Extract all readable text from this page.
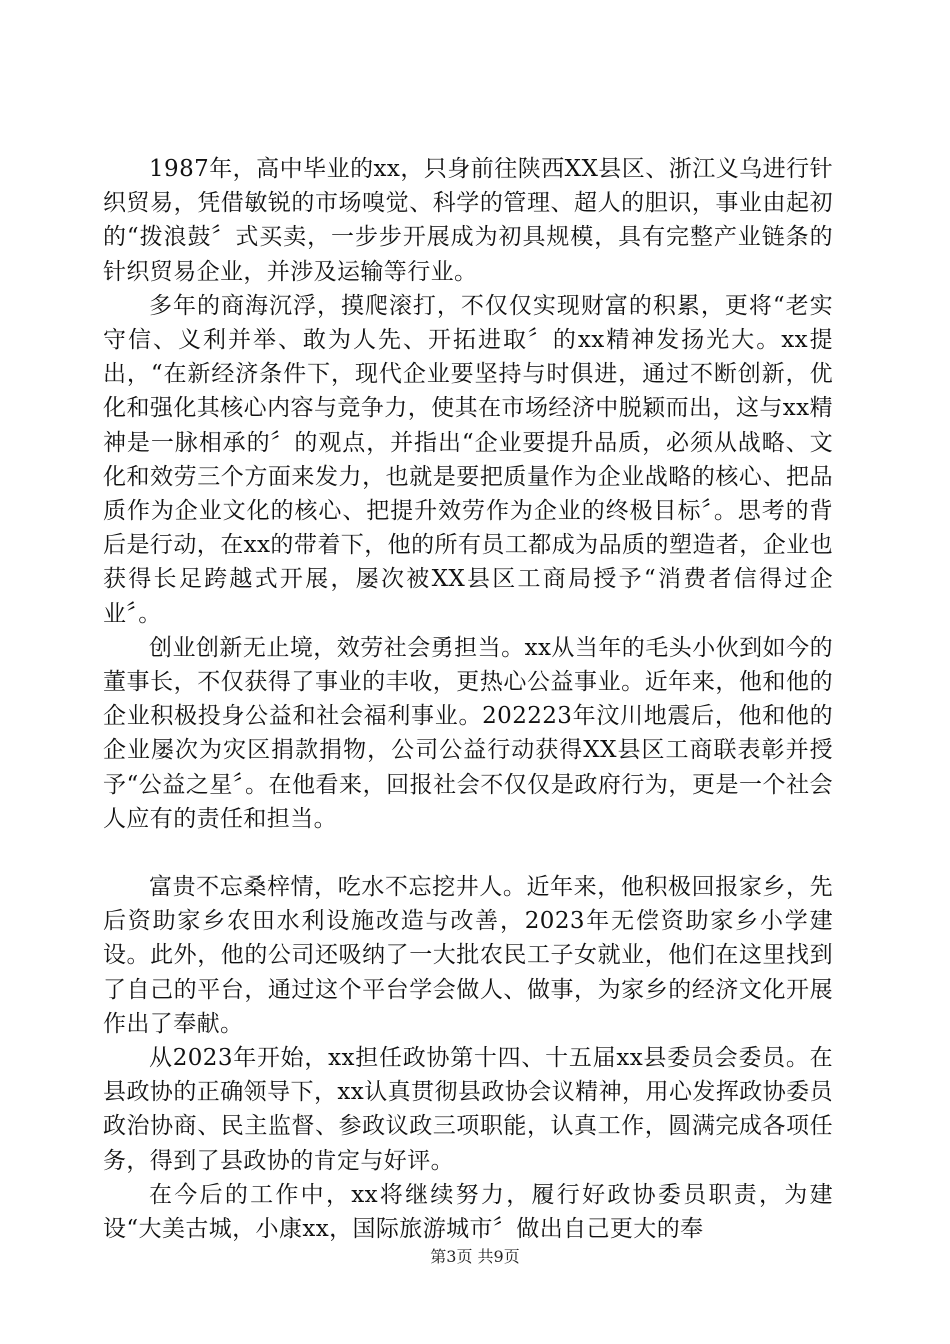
1987年，高中毕业的xx，只身前往陕西XX县区、浙江义乌进行针织贸易，凭借敏锐的市场嗅觉、科学的管理、超人的胆识，事业由起初的“拨浪鼓〞式买卖，一步步开展成为初具规模，具有完整产业链条的针织贸易企业，并涉及运输等行业。

多年的商海沉浮，摸爬滚打，不仅仅实现财富的积累，更将“老实守信、义利并举、敢为人先、开拓进取〞的xx精神发扬光大。xx提出，“在新经济条件下，现代企业要坚持与时俱进，通过不断创新，优化和强化其核心内容与竞争力，使其在市场经济中脱颖而出，这与xx精神是一脉相承的〞的观点，并指出“企业要提升品质，必须从战略、文化和效劳三个方面来发力，也就是要把质量作为企业战略的核心、把品质作为企业文化的核心、把提升效劳作为企业的终极目标〞。思考的背后是行动，在xx的带着下，他的所有员工都成为品质的塑造者，企业也获得长足跨越式开展，屡次被XX县区工商局授予“消费者信得过企业〞。

创业创新无止境，效劳社会勇担当。xx从当年的毛头小伙到如今的董事长，不仅获得了事业的丰收，更热心公益事业。近年来，他和他的企业积极投身公益和社会福利事业。202223年汶川地震后，他和他的企业屡次为灾区捐款捐物，公司公益行动获得XX县区工商联表彰并授予“公益之星〞。在他看来，回报社会不仅仅是政府行为，更是一个社会人应有的责任和担当。

富贵不忘桑梓情，吃水不忘挖井人。近年来，他积极回报家乡，先后资助家乡农田水利设施改造与改善，2023年无偿资助家乡小学建设。此外，他的公司还吸纳了一大批农民工子女就业，他们在这里找到了自己的平台，通过这个平台学会做人、做事，为家乡的经济文化开展作出了奉献。

从2023年开始，xx担任政协第十四、十五届xx县委员会委员。在县政协的正确领导下，xx认真贯彻县政协会议精神，用心发挥政协委员政治协商、民主监督、参政议政三项职能，认真工作，圆满完成各项任务，得到了县政协的肯定与好评。

在今后的工作中，xx将继续努力，履行好政协委员职责，为建设“大美古城，小康xx，国际旅游城市〞做出自己更大的奉

第3页 共9页
